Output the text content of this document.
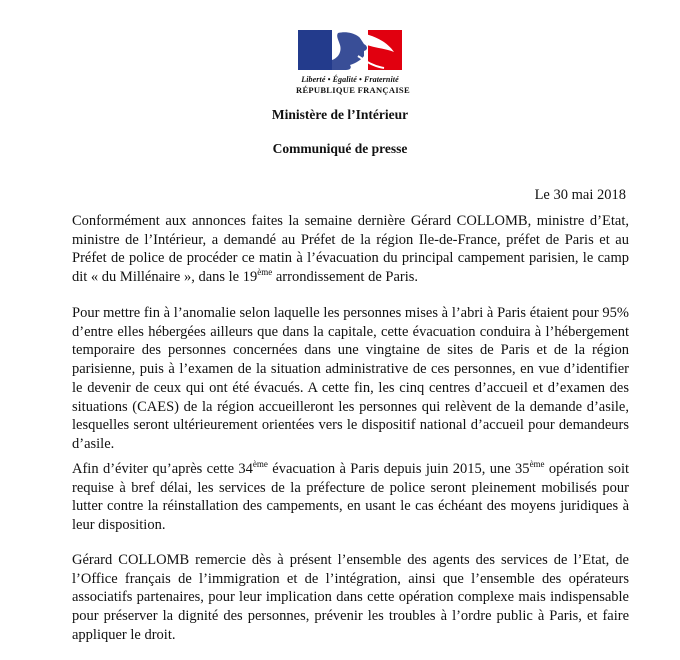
Liberté • Égalité • Fraternité
RÉPUBLIQUE FRANÇAISE
Ministère de l’Intérieur
Communiqué de presse
Le 30 mai 2018

Conformément aux annonces faites la semaine dernière Gérard COLLOMB, ministre d’Etat, ministre de l’Intérieur, a demandé au Préfet de la région Ile-de-France, préfet de Paris et au Préfet de police de procéder ce matin à l’évacuation du principal campement parisien, le camp dit « du Millénaire », dans le 19ème arrondissement de Paris.

Pour mettre fin à l’anomalie selon laquelle les personnes mises à l’abri à Paris étaient pour 95% d’entre elles hébergées ailleurs que dans la capitale, cette évacuation conduira à l’hébergement temporaire des personnes concernées dans une vingtaine de sites de Paris et de la région parisienne, puis à l’examen de la situation administrative de ces personnes, en vue d’identifier le devenir de ceux qui ont été évacués. A cette fin, les cinq centres d’accueil et d’examen des situations (CAES) de la région accueilleront les personnes qui relèvent de la demande d’asile, lesquelles seront ultérieurement orientées vers le dispositif national d’accueil pour demandeurs d’asile.

Afin d’éviter qu’après cette 34ème évacuation à Paris depuis juin 2015, une 35ème opération soit requise à bref délai, les services de la préfecture de police seront pleinement mobilisés pour lutter contre la réinstallation des campements, en usant le cas échéant des moyens juridiques à leur disposition.

Gérard COLLOMB remercie dès à présent l’ensemble des agents des services de l’Etat, de l’Office français de l’immigration et de l’intégration, ainsi que l’ensemble des opérateurs associatifs partenaires, pour leur implication dans cette opération complexe mais indispensable pour préserver la dignité des personnes, prévenir les troubles à l’ordre public à Paris, et faire appliquer le droit.
